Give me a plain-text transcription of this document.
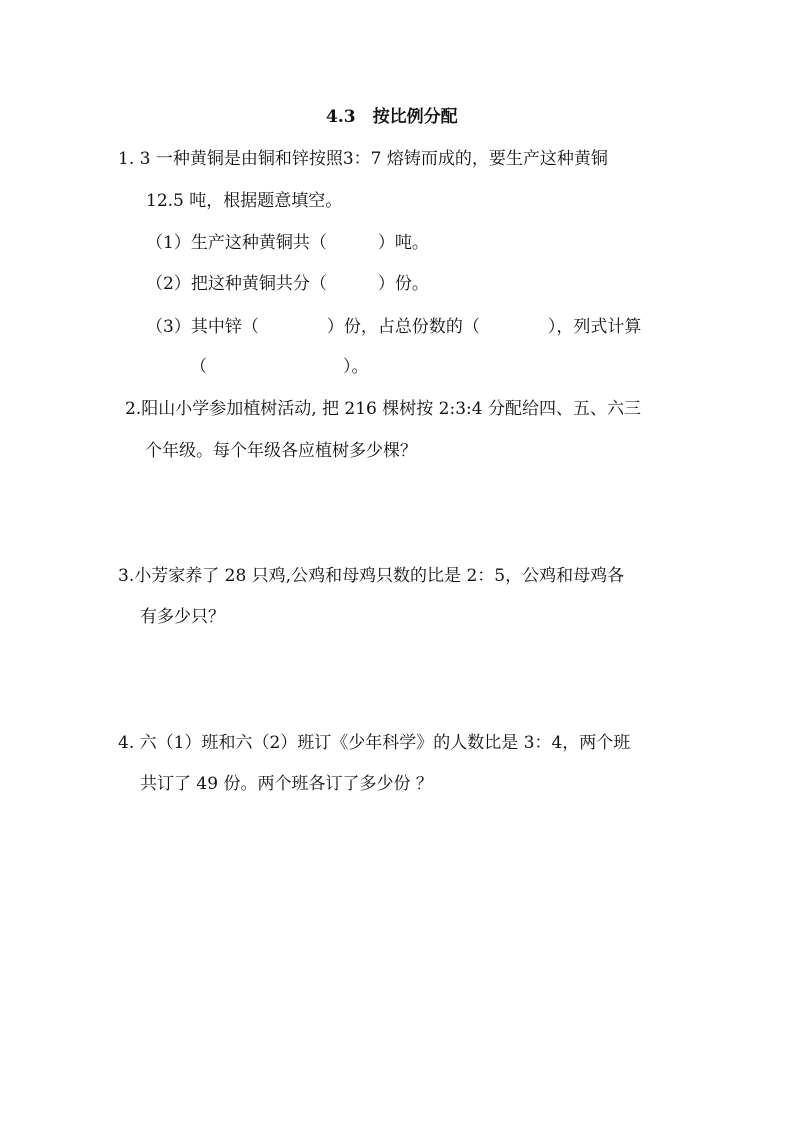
4.3　按比例分配
1. 3 一种黄铜是由铜和锌按照3：7 熔铸而成的，要生产这种黄铜
12.5 吨，根据题意填空。
（1）生产这种黄铜共（　　　）吨。
（2）把这种黄铜共分（　　　）份。
（3）其中锌（　　　　）份，占总份数的（　　　　），列式计算
（　　　　　　　　）。
2.阳山小学参加植树活动, 把 216 棵树按 2:3:4 分配给四、五、六三
个年级。每个年级各应植树多少棵？
3.小芳家养了 28 只鸡,公鸡和母鸡只数的比是 2：5，公鸡和母鸡各
有多少只？
4. 六（1）班和六（2）班订《少年科学》的人数比是 3：4，两个班
共订了 49 份。两个班各订了多少份 ？
